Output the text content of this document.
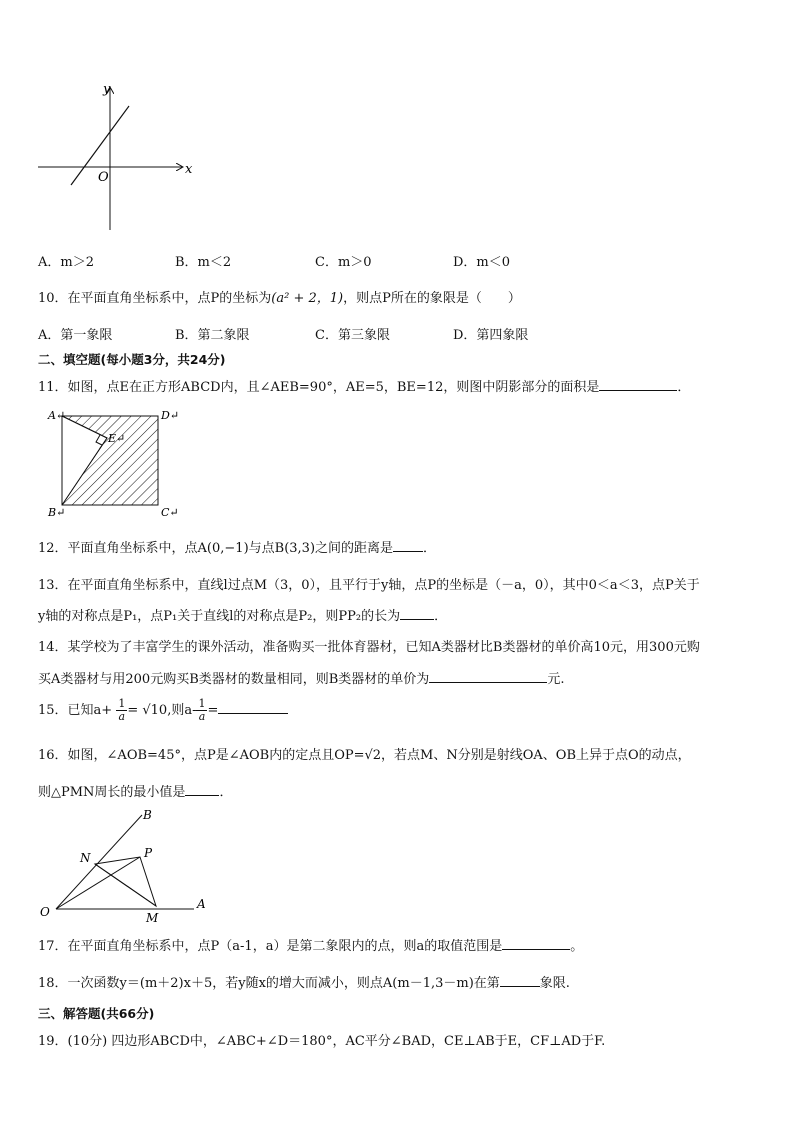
y
x
O
A．m＞2	B．m＜2	C．m＞0	D．m＜0
10．在平面直角坐标系中，点P的坐标为(a² + 2，1)，则点P所在的象限是（　　）
A．第一象限	B．第二象限	C．第三象限	D．第四象限
二、填空题(每小题3分，共24分)
11．如图，点E在正方形ABCD内，且∠AEB=90°，AE=5，BE=12，则图中阴影部分的面积是	．
A↵	D↵
E↵
B↵	C↵
12．平面直角坐标系中，点A(0,−1)与点B(3,3)之间的距离是 ．
13．在平面直角坐标系中，直线l过点M（3，0），且平行于y轴，点P的坐标是（－a，0），其中0＜a＜3，点P关于
y轴的对称点是P₁，点P₁关于直线l的对称点是P₂，则PP₂的长为	．
14．某学校为了丰富学生的课外活动，准备购买一批体育器材，已知A类器材比B类器材的单价高10元，用300元购
买A类器材与用200元购买B类器材的数量相同，则B类器材的单价为	元.
15．已知$a+ \frac{1}{a} = √10$,则$a- \frac{1}{a}$ =
16．如图，∠AOB=45°，点P是∠AOB内的定点且OP=√2，若点M、N分别是射线OA、OB上异于点O的动点，
则△PMN周长的最小值是	．
B
N	P
O	M
A
17．在平面直角坐标系中，点P（a-1，a）是第二象限内的点，则a的取值范围是	。
18．一次函数y＝(m＋2)x＋5，若y随x的增大而减小，则点A(m－1,3－m)在第	象限.
三、解答题(共66分)
19．(10分) 四边形ABCD中，∠ABC+∠D＝180°，AC平分∠BAD，CE⊥AB于E，CF⊥AD于F.
